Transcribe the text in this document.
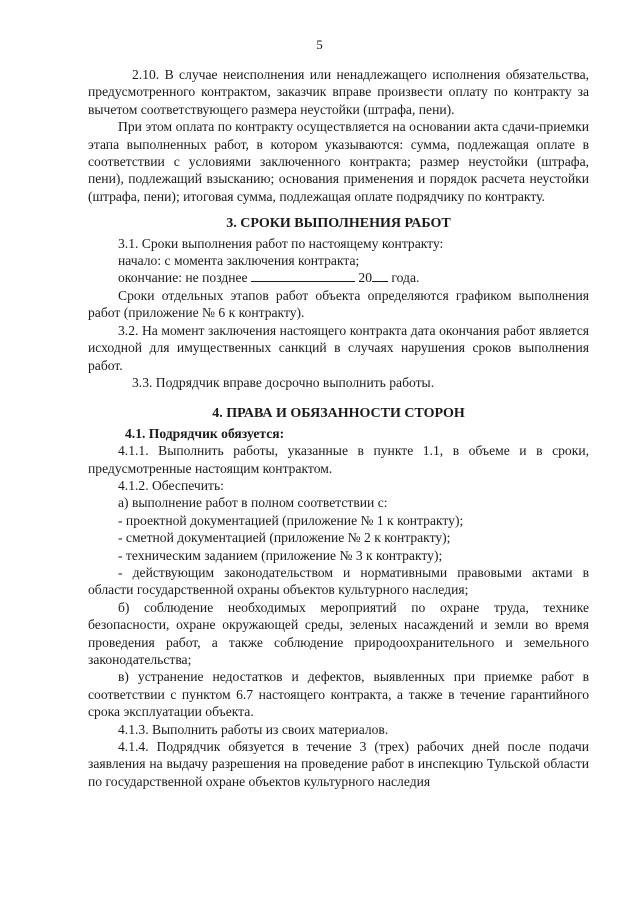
5

2.10. В случае неисполнения или ненадлежащего исполнения обязательства, предусмотренного контрактом, заказчик вправе произвести оплату по контракту за вычетом соответствующего размера неустойки (штрафа, пени).

При этом оплата по контракту осуществляется на основании акта сдачи-приемки этапа выполненных работ, в котором указываются: сумма, подлежащая оплате в соответствии с условиями заключенного контракта; размер неустойки (штрафа, пени), подлежащий взысканию; основания применения и порядок расчета неустойки (штрафа, пени); итоговая сумма, подлежащая оплате подрядчику по контракту.

3. СРОКИ ВЫПОЛНЕНИЯ РАБОТ

3.1. Сроки выполнения работ по настоящему контракту:

начало: с момента заключения контракта;

окончание: не позднее	20 года.

Сроки отдельных этапов работ объекта определяются графиком выполнения работ (приложение № 6 к контракту).

3.2. На момент заключения настоящего контракта дата окончания работ является исходной для имущественных санкций в случаях нарушения сроков выполнения работ.

3.3. Подрядчик вправе досрочно выполнить работы.

4. ПРАВА И ОБЯЗАННОСТИ СТОРОН

4.1. Подрядчик обязуется:

4.1.1. Выполнить работы, указанные в пункте 1.1, в объеме и в сроки, предусмотренные настоящим контрактом.

4.1.2. Обеспечить:

а) выполнение работ в полном соответствии с:

- проектной документацией (приложение № 1 к контракту);

- сметной документацией (приложение № 2 к контракту);

- техническим заданием (приложение № 3 к контракту);

- действующим законодательством и нормативными правовыми актами в области государственной охраны объектов культурного наследия;

б) соблюдение необходимых мероприятий по охране труда, технике безопасности, охране окружающей среды, зеленых насаждений и земли во время проведения работ, а также соблюдение природоохранительного и земельного законодательства;

в) устранение недостатков и дефектов, выявленных при приемке работ в соответствии с пунктом 6.7 настоящего контракта, а также в течение гарантийного срока эксплуатации объекта.

4.1.3. Выполнить работы из своих материалов.

4.1.4. Подрядчик обязуется в течение 3 (трех) рабочих дней после подачи заявления на выдачу разрешения на проведение работ в инспекцию Тульской области по государственной охране объектов культурного наследия
